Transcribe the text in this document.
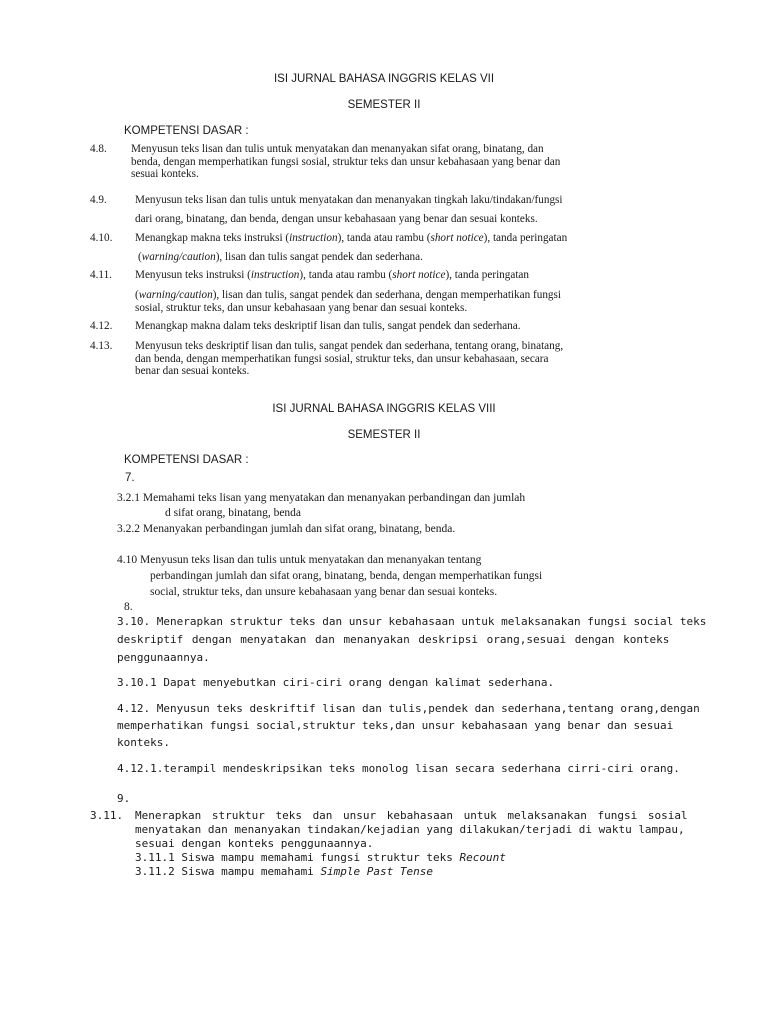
ISI JURNAL BAHASA INGGRIS KELAS VII
SEMESTER II
KOMPETENSI DASAR :
4.8. Menyusun teks lisan dan tulis untuk menyatakan dan menanyakan sifat orang, binatang, dan
benda, dengan memperhatikan fungsi sosial, struktur teks dan unsur kebahasaan yang benar dan
sesuai konteks.
4.9.	Menyusun teks lisan dan tulis untuk menyatakan dan menanyakan tingkah laku/tindakan/fungsi
dari orang, binatang, dan benda, dengan unsur kebahasaan yang benar dan sesuai konteks.
4.10. Menangkap makna teks instruksi (instruction), tanda atau rambu (short notice), tanda peringatan
(warning/caution), lisan dan tulis sangat pendek dan sederhana.
4.11. Menyusun teks instruksi (instruction), tanda atau rambu (short notice), tanda peringatan
(warning/caution), lisan dan tulis, sangat pendek dan sederhana, dengan memperhatikan fungsi
sosial, struktur teks, dan unsur kebahasaan yang benar dan sesuai konteks.
4.12. Menangkap makna dalam teks deskriptif lisan dan tulis, sangat pendek dan sederhana.
4.13. Menyusun teks deskriptif lisan dan tulis, sangat pendek dan sederhana, tentang orang, binatang,
dan benda, dengan memperhatikan fungsi sosial, struktur teks, dan unsur kebahasaan, secara
benar dan sesuai konteks.
ISI JURNAL BAHASA INGGRIS KELAS VIII
SEMESTER II
KOMPETENSI DASAR :
7.
3.2.1 Memahami teks lisan yang menyatakan dan menanyakan perbandingan dan jumlah
d sifat orang, binatang, benda
3.2.2 Menanyakan perbandingan jumlah dan sifat orang, binatang, benda.
4.10 Menyusun teks lisan dan tulis untuk menyatakan dan menanyakan tentang
perbandingan jumlah dan sifat orang, binatang, benda, dengan memperhatikan fungsi
social, struktur teks, dan unsure kebahasaan yang benar dan sesuai konteks.
8.
3.10. Menerapkan struktur teks dan unsur kebahasaan untuk melaksanakan fungsi social teks
deskriptif dengan menyatakan dan menanyakan deskripsi orang,sesuai dengan konteks
penggunaannya.
3.10.1 Dapat menyebutkan ciri-ciri orang dengan kalimat sederhana.
4.12. Menyusun teks deskriftif lisan dan tulis,pendek dan sederhana,tentang orang,dengan
memperhatikan fungsi social,struktur teks,dan unsur kebahasaan yang benar dan sesuai
konteks.
4.12.1.terampil mendeskripsikan teks monolog lisan secara sederhana cirri-ciri orang.
9.
3.11. Menerapkan struktur teks dan unsur kebahasaan untuk melaksanakan fungsi sosial
menyatakan dan menanyakan tindakan/kejadian yang dilakukan/terjadi di waktu lampau,
sesuai dengan konteks penggunaannya.
3.11.1 Siswa mampu memahami fungsi struktur teks Recount
3.11.2 Siswa mampu memahami Simple Past Tense
